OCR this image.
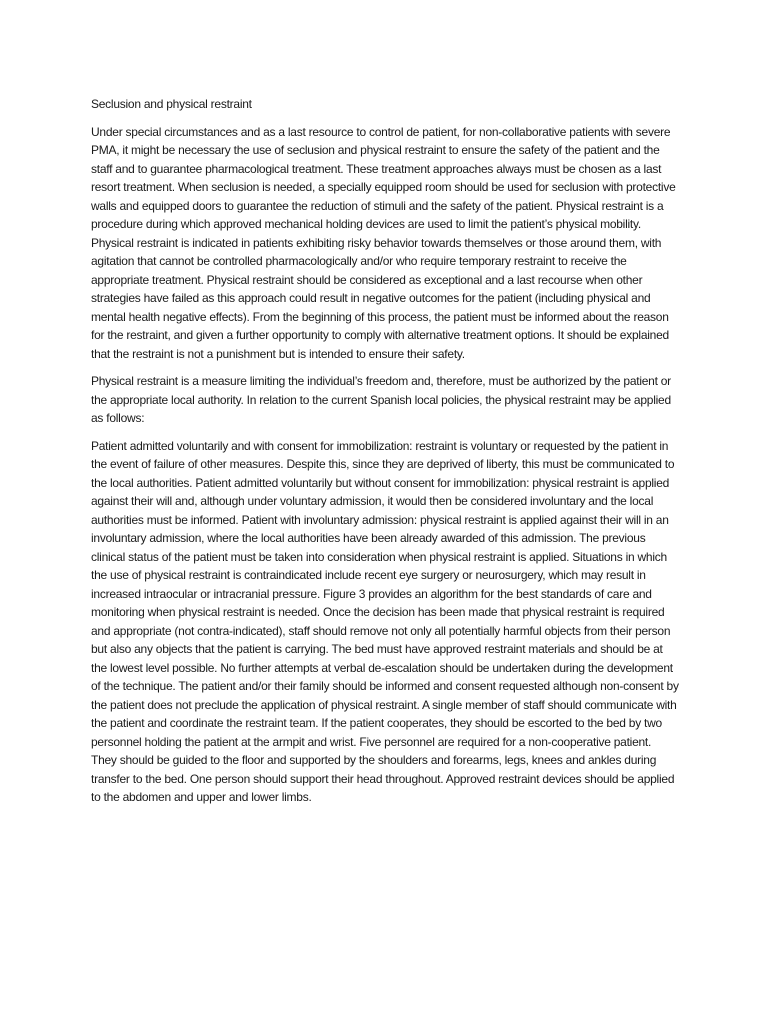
Seclusion and physical restraint

Under special circumstances and as a last resource to control de patient, for non-collaborative patients with severe PMA, it might be necessary the use of seclusion and physical restraint to ensure the safety of the patient and the staff and to guarantee pharmacological treatment. These treatment approaches always must be chosen as a last resort treatment. When seclusion is needed, a specially equipped room should be used for seclusion with protective walls and equipped doors to guarantee the reduction of stimuli and the safety of the patient. Physical restraint is a procedure during which approved mechanical holding devices are used to limit the patient’s physical mobility. Physical restraint is indicated in patients exhibiting risky behavior towards themselves or those around them, with agitation that cannot be controlled pharmacologically and/or who require temporary restraint to receive the appropriate treatment. Physical restraint should be considered as exceptional and a last recourse when other strategies have failed as this approach could result in negative outcomes for the patient (including physical and mental health negative effects). From the beginning of this process, the patient must be informed about the reason for the restraint, and given a further opportunity to comply with alternative treatment options. It should be explained that the restraint is not a punishment but is intended to ensure their safety.

Physical restraint is a measure limiting the individual’s freedom and, therefore, must be authorized by the patient or the appropriate local authority. In relation to the current Spanish local policies, the physical restraint may be applied as follows:

Patient admitted voluntarily and with consent for immobilization: restraint is voluntary or requested by the patient in the event of failure of other measures. Despite this, since they are deprived of liberty, this must be communicated to the local authorities. Patient admitted voluntarily but without consent for immobilization: physical restraint is applied against their will and, although under voluntary admission, it would then be considered involuntary and the local authorities must be informed. Patient with involuntary admission: physical restraint is applied against their will in an involuntary admission, where the local authorities have been already awarded of this admission. The previous clinical status of the patient must be taken into consideration when physical restraint is applied. Situations in which the use of physical restraint is contraindicated include recent eye surgery or neurosurgery, which may result in increased intraocular or intracranial pressure. Figure 3 provides an algorithm for the best standards of care and monitoring when physical restraint is needed. Once the decision has been made that physical restraint is required and appropriate (not contra-indicated), staff should remove not only all potentially harmful objects from their person but also any objects that the patient is carrying. The bed must have approved restraint materials and should be at the lowest level possible. No further attempts at verbal de-escalation should be undertaken during the development of the technique. The patient and/or their family should be informed and consent requested although non-consent by the patient does not preclude the application of physical restraint. A single member of staff should communicate with the patient and coordinate the restraint team. If the patient cooperates, they should be escorted to the bed by two personnel holding the patient at the armpit and wrist. Five personnel are required for a non-cooperative patient. They should be guided to the floor and supported by the shoulders and forearms, legs, knees and ankles during transfer to the bed. One person should support their head throughout. Approved restraint devices should be applied to the abdomen and upper and lower limbs.
